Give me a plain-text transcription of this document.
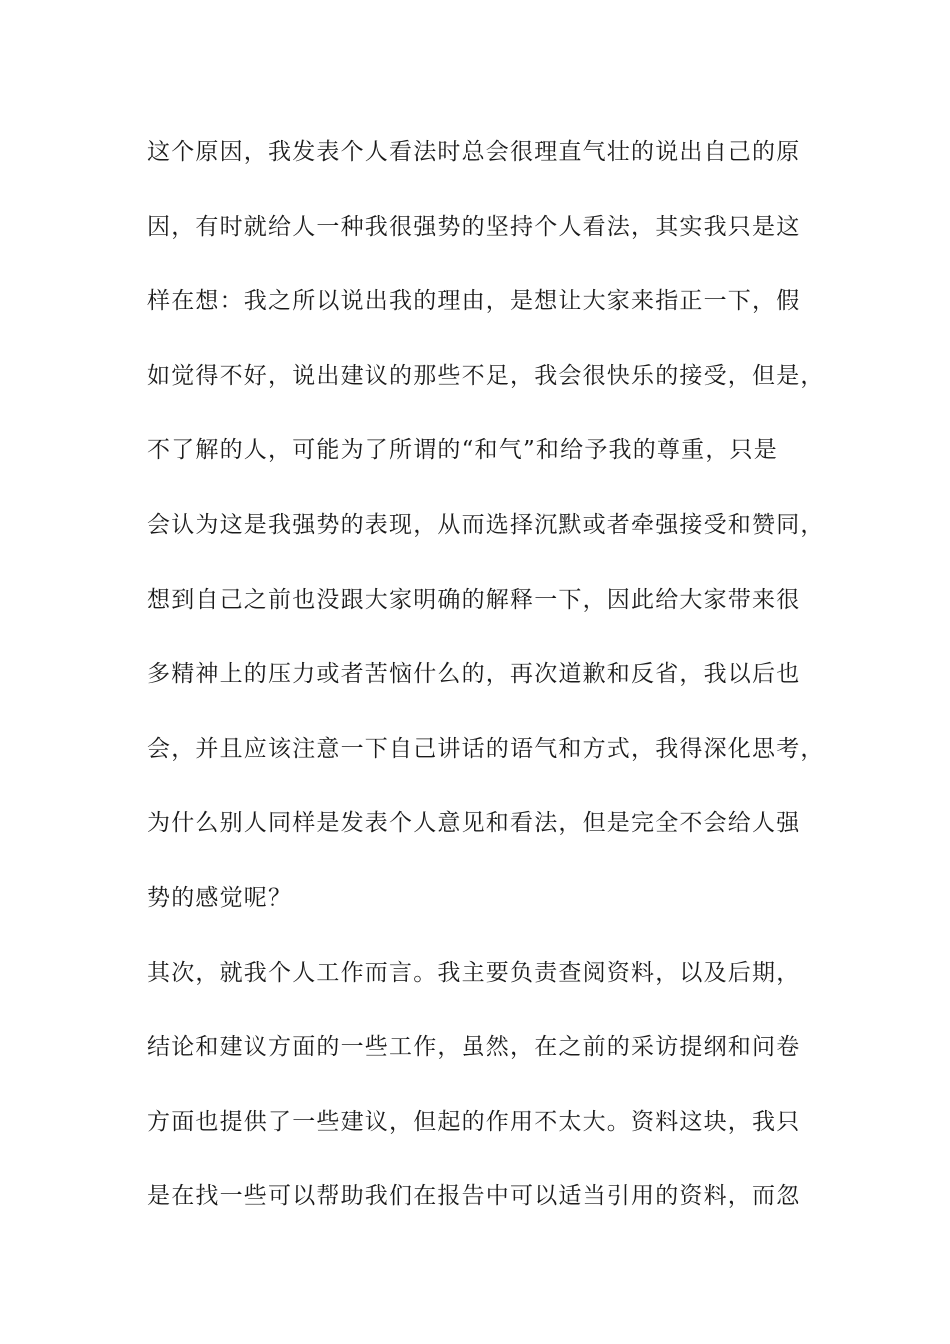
这个原因，我发表个人看法时总会很理直气壮的说出自己的原
因，有时就给人一种我很强势的坚持个人看法，其实我只是这
样在想：我之所以说出我的理由，是想让大家来指正一下，假
如觉得不好，说出建议的那些不足，我会很快乐的接受，但是，
不了解的人，可能为了所谓的“和气”和给予我的尊重，只是
会认为这是我强势的表现，从而选择沉默或者牵强接受和赞同，
想到自己之前也没跟大家明确的解释一下，因此给大家带来很
多精神上的压力或者苦恼什么的，再次道歉和反省，我以后也
会，并且应该注意一下自己讲话的语气和方式，我得深化思考，
为什么别人同样是发表个人意见和看法，但是完全不会给人强
势的感觉呢？
其次，就我个人工作而言。我主要负责查阅资料，以及后期，
结论和建议方面的一些工作，虽然，在之前的采访提纲和问卷
方面也提供了一些建议，但起的作用不太大。资料这块，我只
是在找一些可以帮助我们在报告中可以适当引用的资料，而忽
